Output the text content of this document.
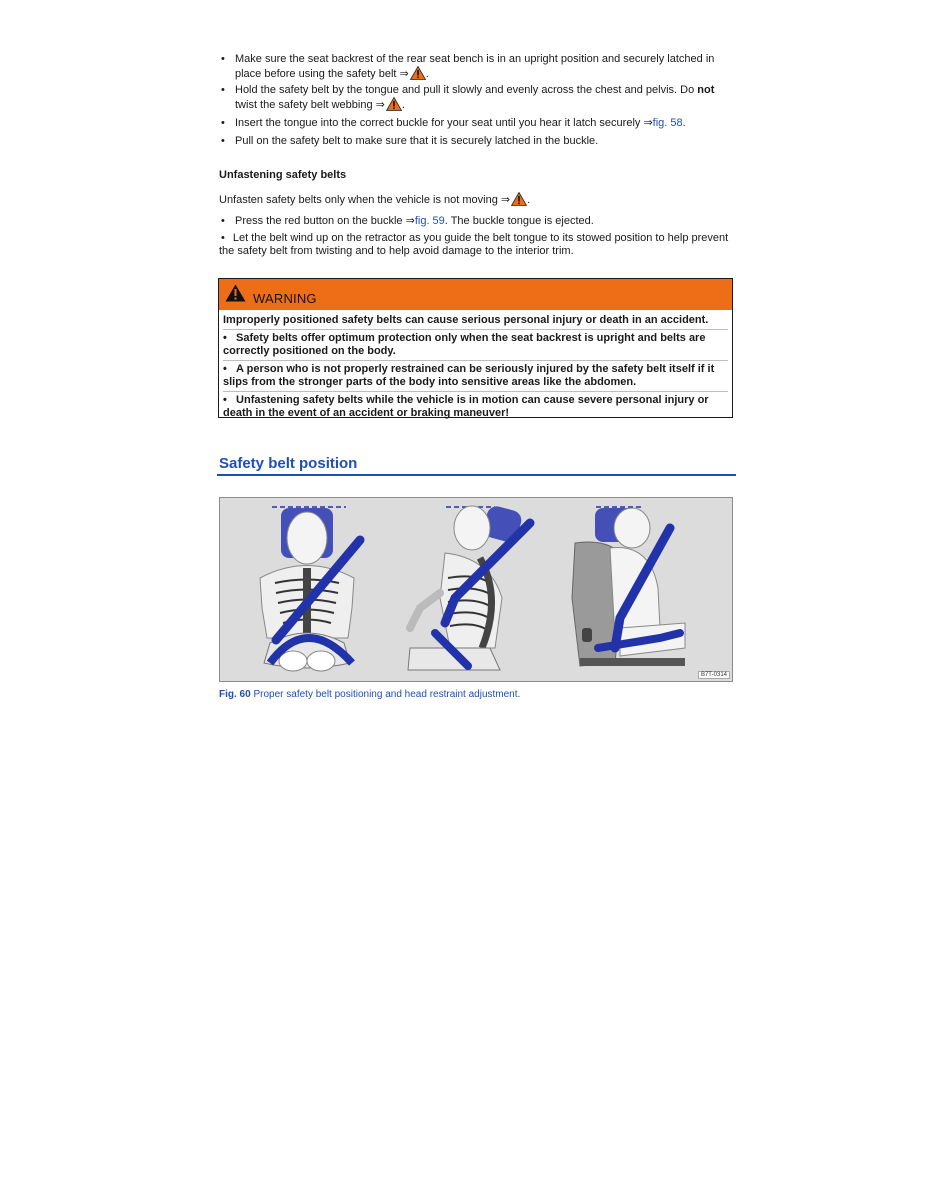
• Make sure the seat backrest of the rear seat bench is in an upright position and securely latched in place before using the safety belt ⇒ .

• Hold the safety belt by the tongue and pull it slowly and evenly across the chest and pelvis. Do not twist the safety belt webbing ⇒ .

• Insert the tongue into the correct buckle for your seat until you hear it latch securely ⇒fig. 58.

• Pull on the safety belt to make sure that it is securely latched in the buckle.

Unfastening safety belts

Unfasten safety belts only when the vehicle is not moving ⇒ .

• Press the red button on the buckle ⇒fig. 59. The buckle tongue is ejected.

• Let the belt wind up on the retractor as you guide the belt tongue to its stowed position to help prevent the safety belt from twisting and to help avoid damage to the interior trim.

WARNING
Improperly positioned safety belts can cause serious personal injury or death in an accident.
•   Safety belts offer optimum protection only when the seat backrest is upright and belts are correctly positioned on the body.
•   A person who is not properly restrained can be seriously injured by the safety belt itself if it slips from the stronger parts of the body into sensitive areas like the abdomen.
•   Unfastening safety belts while the vehicle is in motion can cause severe personal injury or death in the event of an accident or braking maneuver!

Safety belt position

B7T-0314

Fig. 60 Proper safety belt positioning and head restraint adjustment.
